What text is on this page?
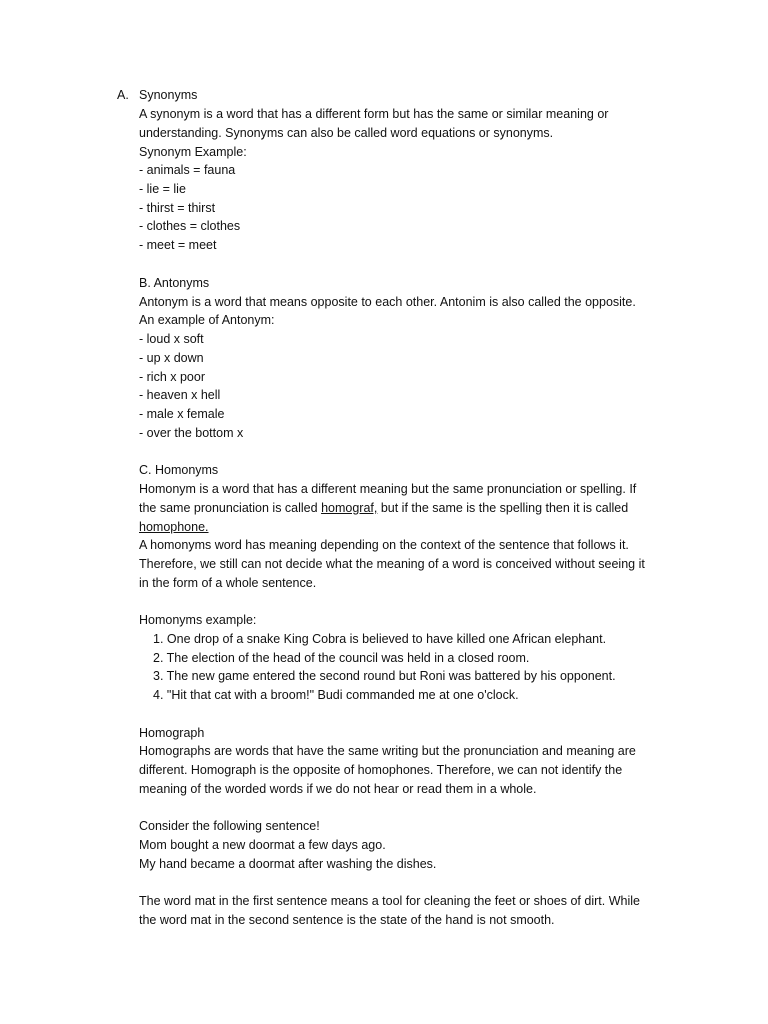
A. Synonyms
A synonym is a word that has a different form but has the same or similar meaning or
understanding. Synonyms can also be called word equations or synonyms.
Synonym Example:
- animals = fauna
- lie = lie
- thirst = thirst
- clothes = clothes
- meet = meet
B. Antonyms
Antonym is a word that means opposite to each other. Antonim is also called the opposite.
An example of Antonym:
- loud x soft
- up x down
- rich x poor
- heaven x hell
- male x female
- over the bottom x
C. Homonyms
Homonym is a word that has a different meaning but the same pronunciation or spelling. If
the same pronunciation is called homograf, but if the same is the spelling then it is called
homophone.
A homonyms word has meaning depending on the context of the sentence that follows it.
Therefore, we still can not decide what the meaning of a word is conceived without seeing it
in the form of a whole sentence.
Homonyms example:
1. One drop of a snake King Cobra is believed to have killed one African elephant.
2. The election of the head of the council was held in a closed room.
3. The new game entered the second round but Roni was battered by his opponent.
4. "Hit that cat with a broom!" Budi commanded me at one o'clock.
Homograph
Homographs are words that have the same writing but the pronunciation and meaning are
different. Homograph is the opposite of homophones. Therefore, we can not identify the
meaning of the worded words if we do not hear or read them in a whole.
Consider the following sentence!
Mom bought a new doormat a few days ago.
My hand became a doormat after washing the dishes.
The word mat in the first sentence means a tool for cleaning the feet or shoes of dirt. While
the word mat in the second sentence is the state of the hand is not smooth.
